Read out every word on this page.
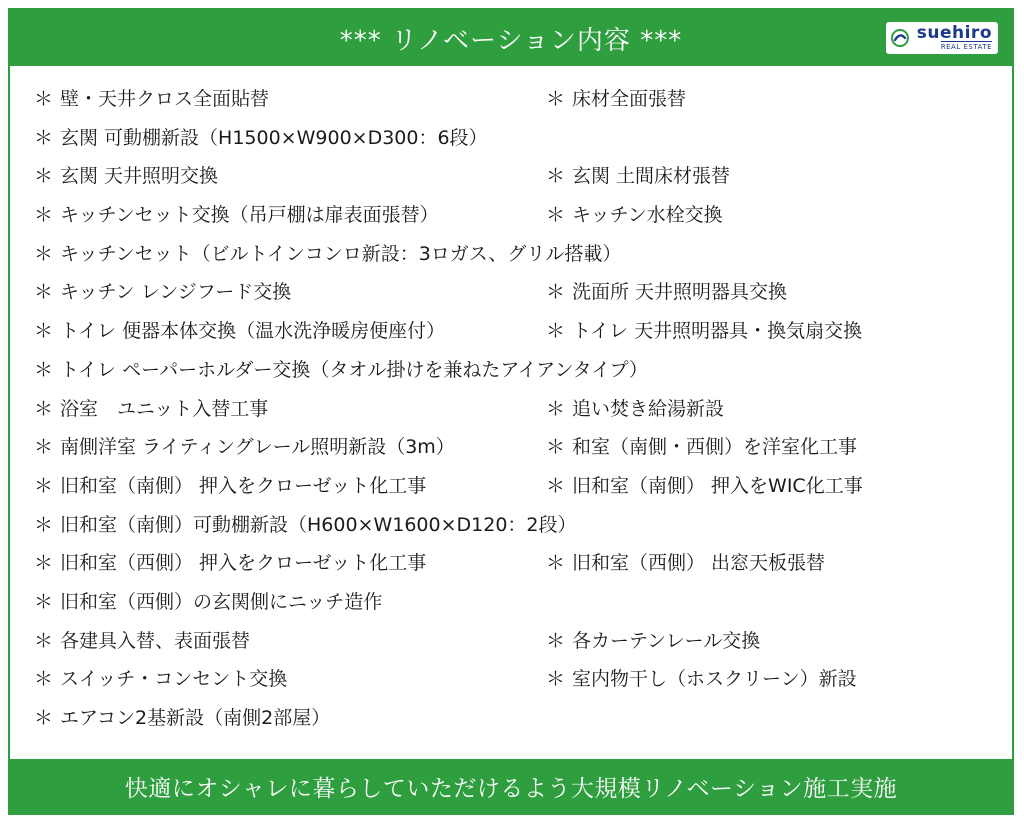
*** リノベーション内容 ***	suehiro
REAL ESTATE
＊ 壁・天井クロス全面貼替	＊ 床材全面張替
＊ 玄関 可動棚新設（H1500×W900×D300：6段）
＊ 玄関 天井照明交換	＊ 玄関 土間床材張替
＊ キッチンセット交換（吊戸棚は扉表面張替）	＊ キッチン水栓交換
＊ キッチンセット（ビルトインコンロ新設：3ロガス、グリル搭載）
＊ キッチン レンジフード交換	＊ 洗面所 天井照明器具交換
＊ トイレ 便器本体交換（温水洗浄暖房便座付）	＊ トイレ 天井照明器具・換気扇交換
＊ トイレ ペーパーホルダー交換（タオル掛けを兼ねたアイアンタイプ）
＊ 浴室　ユニット入替工事	＊ 追い焚き給湯新設
＊ 南側洋室 ライティングレール照明新設（3m）	＊ 和室（南側・西側）を洋室化工事
＊ 旧和室（南側） 押入をクローゼット化工事	＊ 旧和室（南側） 押入をWIC化工事
＊ 旧和室（南側）可動棚新設（H600×W1600×D120：2段）
＊ 旧和室（西側） 押入をクローゼット化工事	＊ 旧和室（西側） 出窓天板張替
＊ 旧和室（西側）の玄関側にニッチ造作
＊ 各建具入替、表面張替	＊ 各カーテンレール交換
＊ スイッチ・コンセント交換	＊ 室内物干し（ホスクリーン）新設
＊ エアコン2基新設（南側2部屋）
快適にオシャレに暮らしていただけるよう大規模リノベーション施工実施
